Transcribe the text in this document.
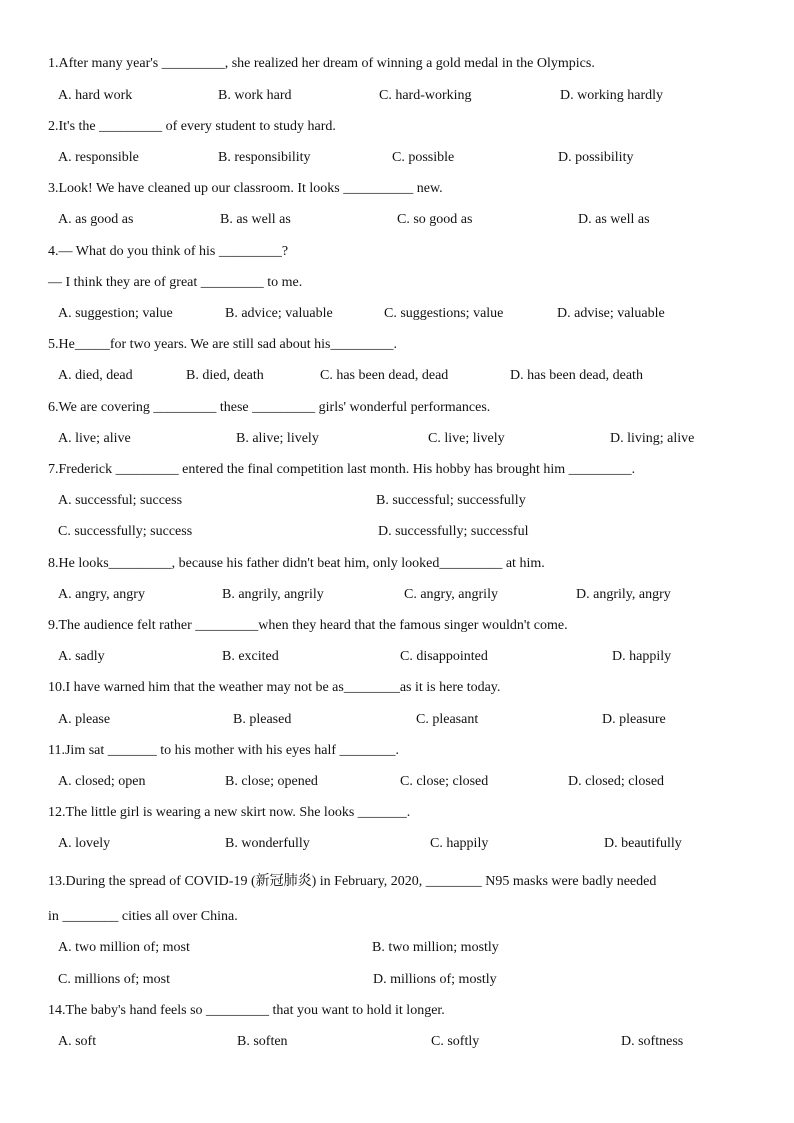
1.After many year's _________, she realized her dream of winning a gold medal in the Olympics.
A. hard work	B. work hard	C. hard-working	D. working hardly
2.It's the _________ of every student to study hard.
A. responsible	B. responsibility	C. possible	D. possibility
3.Look! We have cleaned up our classroom. It looks __________ new.
A. as good as	B. as well as	C. so good as	D. as well as
4.— What do you think of his _________?
— I think they are of great _________ to me.
A. suggestion; value	B. advice; valuable	C. suggestions; value	D. advise; valuable
5.He_____for two years. We are still sad about his_________.
A. died, dead	B. died, death	C. has been dead, dead	D. has been dead, death
6.We are covering _________ these _________ girls' wonderful performances.
A. live; alive	B. alive; lively	C. live; lively	D. living; alive
7.Frederick _________ entered the final competition last month. His hobby has brought him _________.
A. successful; success	B. successful; successfully
C. successfully; success	D. successfully; successful
8.He looks_________, because his father didn't beat him, only looked_________ at him.
A. angry, angry	B. angrily, angrily	C. angry, angrily	D. angrily, angry
9.The audience felt rather _________when they heard that the famous singer wouldn't come.
A. sadly	B. excited	C. disappointed	D. happily
10.I have warned him that the weather may not be as________as it is here today.
A. please	B. pleased	C. pleasant	D. pleasure
11.Jim sat _______ to his mother with his eyes half ________.
A. closed; open	B. close; opened	C. close; closed	D. closed; closed
12.The little girl is wearing a new skirt now. She looks _______.
A. lovely	B. wonderfully	C. happily	D. beautifully
13.During the spread of COVID-19 (新冠肺炎) in February, 2020, ________ N95 masks were badly needed
in ________ cities all over China.
A. two million of; most	B. two million; mostly
C. millions of; most	D. millions of; mostly
14.The baby's hand feels so _________ that you want to hold it longer.
A. soft	B. soften	C. softly	D. softness
